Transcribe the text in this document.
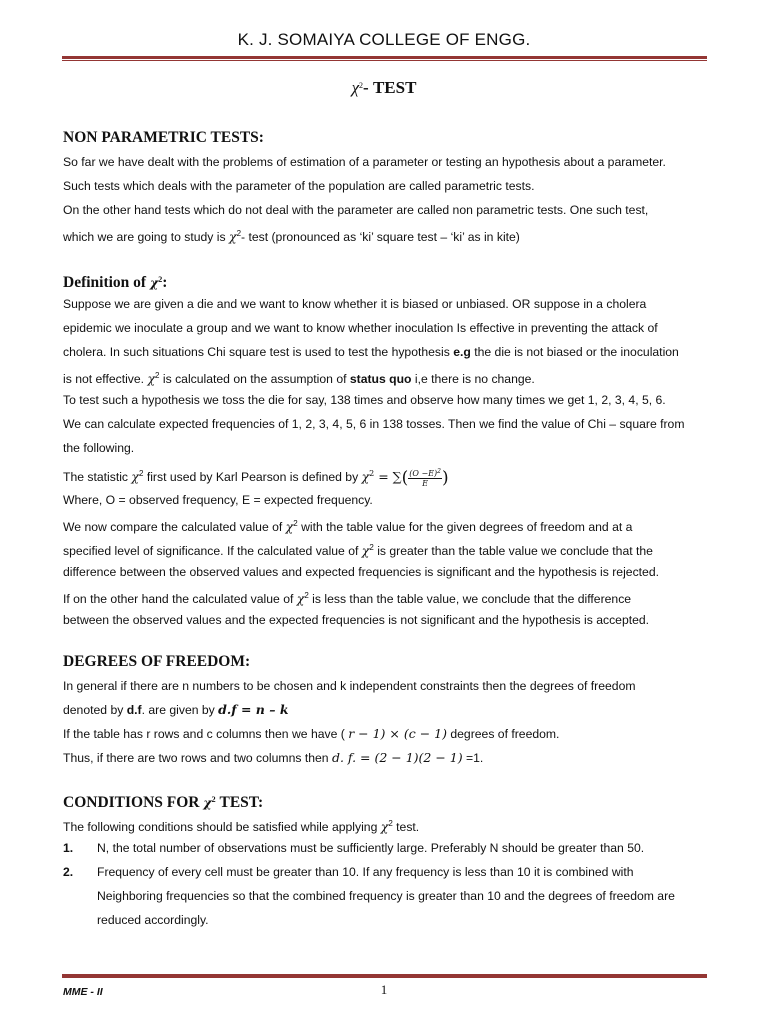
K. J. SOMAIYA COLLEGE OF ENGG.
$\chi^2-$ TEST
NON PARAMETRIC TESTS:
So far we have dealt with the problems of estimation of a parameter or testing an hypothesis about a parameter.
Such tests which deals with the parameter of the population are called parametric tests.
On the other hand tests which do not deal with the parameter are called non parametric tests. One such test,
which we are going to study is $\chi^2-$ test (pronounced as ‘ki’ square test – ‘ki’ as in kite)
Definition of $\chi^2$:
Suppose we are given a die and we want to know whether it is biased or unbiased. OR suppose in a cholera
epidemic we inoculate a group and we want to know whether inoculation Is effective in preventing the attack of
cholera. In such situations Chi square test is used to test the hypothesis e.g the die is not biased or the inoculation
is not effective. $\chi^2$ is calculated on the assumption of status quo i,e there is no change.
To test such a hypothesis we toss the die for say, 138 times and observe how many times we get 1, 2, 3, 4, 5, 6.
We can calculate expected frequencies of 1, 2, 3, 4, 5, 6 in 138 tosses. Then we find the value of Chi – square from
the following.
The statistic $\chi^2$ first used by Karl Pearson is defined by $\chi^2$ = ∑( $\frac{(O -E)^2}{E}$ )
Where, O = observed frequency, E = expected frequency.
We now compare the calculated value of $\chi^2$ with the table value for the given degrees of freedom and at a
specified level of significance. If the calculated value of $\chi^2$ is greater than the table value we conclude that the
difference between the observed values and expected frequencies is significant and the hypothesis is rejected.
If on the other hand the calculated value of $\chi^2$ is less than the table value, we conclude that the difference
between the observed values and the expected frequencies is not significant and the hypothesis is accepted.
DEGREES OF FREEDOM:
In general if there are n numbers to be chosen and k independent constraints then the degrees of freedom
denoted by d.f. are given by d.f = n – k
If the table has r rows and c columns then we have ( r − 1) × (c − 1) degrees of freedom.
Thus, if there are two rows and two columns then d. f. = (2 − 1)(2 − 1) =1.
CONDITIONS FOR $\chi^2$ TEST:
The following conditions should be satisfied while applying $\chi^2$ test.
1. N, the total number of observations must be sufficiently large. Preferably N should be greater than 50.
2. Frequency of every cell must be greater than 10. If any frequency is less than 10 it is combined with
Neighboring frequencies so that the combined frequency is greater than 10 and the degrees of freedom are
reduced accordingly.
MME - II	1
